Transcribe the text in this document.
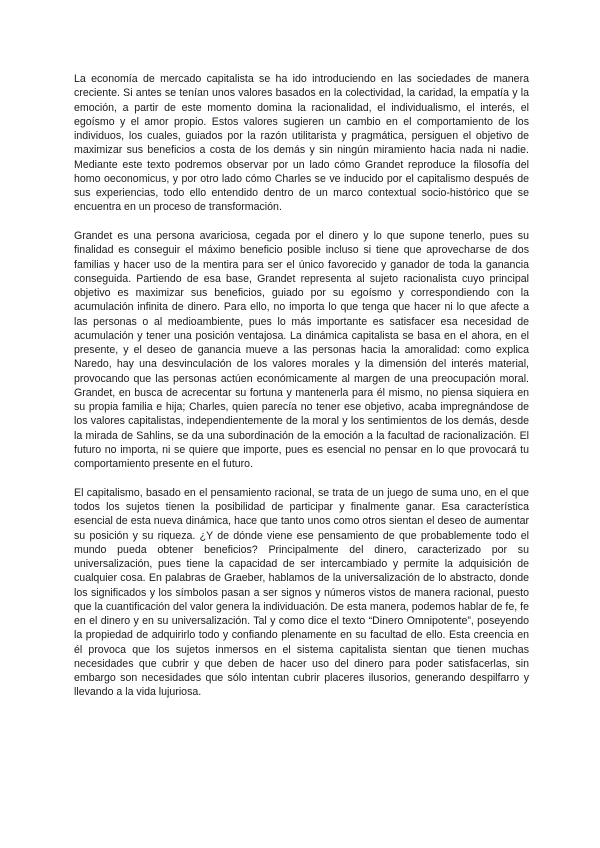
La economía de mercado capitalista se ha ido introduciendo en las sociedades de manera creciente. Si antes se tenían unos valores basados en la colectividad, la caridad, la empatía y la emoción, a partir de este momento domina la racionalidad, el individualismo, el interés, el egoísmo y el amor propio. Estos valores sugieren un cambio en el comportamiento de los individuos, los cuales, guiados por la razón utilitarista y pragmática, persiguen el objetivo de maximizar sus beneficios a costa de los demás y sin ningún miramiento hacia nada ni nadie. Mediante este texto podremos observar por un lado cómo Grandet reproduce la filosofía del homo oeconomicus, y por otro lado cómo Charles se ve inducido por el capitalismo después de sus experiencias, todo ello entendido dentro de un marco contextual socio-histórico que se encuentra en un proceso de transformación.

Grandet es una persona avariciosa, cegada por el dinero y lo que supone tenerlo, pues su finalidad es conseguir el máximo beneficio posible incluso si tiene que aprovecharse de dos familias y hacer uso de la mentira para ser el único favorecido y ganador de toda la ganancia conseguida. Partiendo de esa base, Grandet representa al sujeto racionalista cuyo principal objetivo es maximizar sus beneficios, guiado por su egoísmo y correspondiendo con la acumulación infinita de dinero. Para ello, no importa lo que tenga que hacer ni lo que afecte a las personas o al medioambiente, pues lo más importante es satisfacer esa necesidad de acumulación y tener una posición ventajosa. La dinámica capitalista se basa en el ahora, en el presente, y el deseo de ganancia mueve a las personas hacia la amoralidad: como explica Naredo, hay una desvinculación de los valores morales y la dimensión del interés material, provocando que las personas actúen económicamente al margen de una preocupación moral. Grandet, en busca de acrecentar su fortuna y mantenerla para él mismo, no piensa siquiera en su propia familia e hija; Charles, quien parecía no tener ese objetivo, acaba impregnándose de los valores capitalistas, independientemente de la moral y los sentimientos de los demás, desde la mirada de Sahlins, se da una subordinación de la emoción a la facultad de racionalización. El futuro no importa, ni se quiere que importe, pues es esencial no pensar en lo que provocará tu comportamiento presente en el futuro.

El capitalismo, basado en el pensamiento racional, se trata de un juego de suma uno, en el que todos los sujetos tienen la posibilidad de participar y finalmente ganar. Esa característica esencial de esta nueva dinámica, hace que tanto unos como otros sientan el deseo de aumentar su posición y su riqueza. ¿Y de dónde viene ese pensamiento de que probablemente todo el mundo pueda obtener beneficios? Principalmente del dinero, caracterizado por su universalización, pues tiene la capacidad de ser intercambiado y permite la adquisición de cualquier cosa. En palabras de Graeber, hablamos de la universalización de lo abstracto, donde los significados y los símbolos pasan a ser signos y números vistos de manera racional, puesto que la cuantificación del valor genera la individuación. De esta manera, podemos hablar de fe, fe en el dinero y en su universalización. Tal y como dice el texto “Dinero Omnipotente”, poseyendo la propiedad de adquirirlo todo y confiando plenamente en su facultad de ello. Esta creencia en él provoca que los sujetos inmersos en el sistema capitalista sientan que tienen muchas necesidades que cubrir y que deben de hacer uso del dinero para poder satisfacerlas, sin embargo son necesidades que sólo intentan cubrir placeres ilusorios, generando despilfarro y llevando a la vida lujuriosa.
